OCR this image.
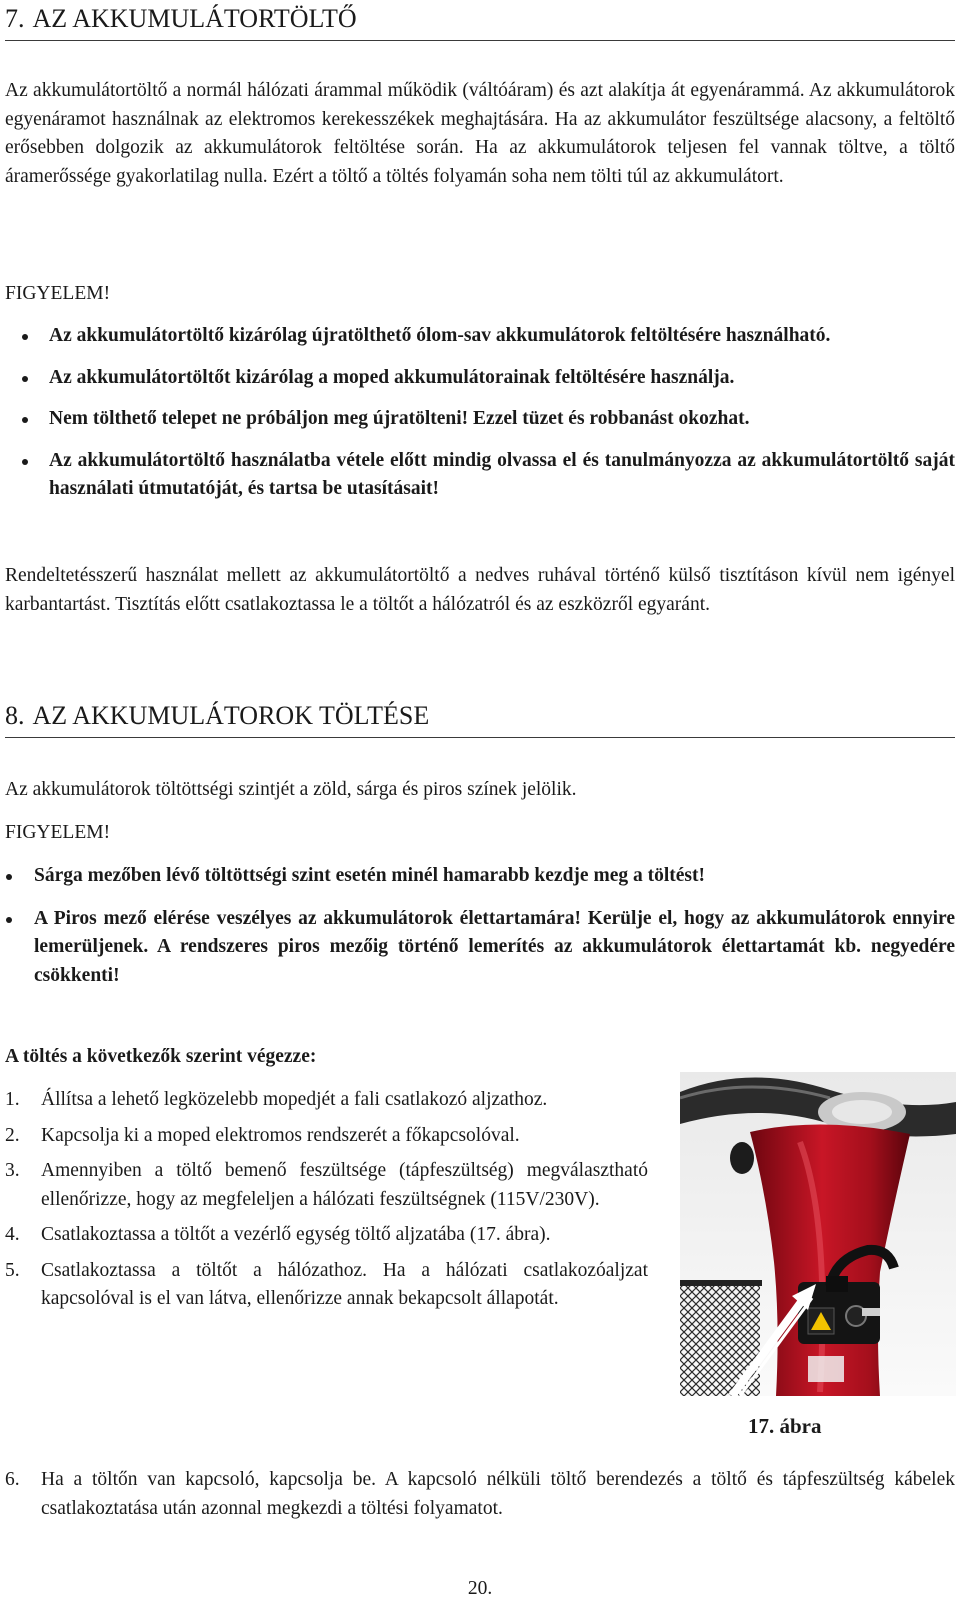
7. AZ AKKUMULÁTORTÖLTŐ

Az akkumulátortöltő a normál hálózati árammal működik (váltóáram) és azt alakítja át egyenárammá. Az akkumulátorok egyenáramot használnak az elektromos kerekesszékek meghajtására. Ha az akkumulátor feszültsége alacsony, a feltöltő erősebben dolgozik az akkumulátorok feltöltése során. Ha az akkumulátorok teljesen fel vannak töltve, a töltő áramerőssége gyakorlatilag nulla. Ezért a töltő a töltés folyamán soha nem tölti túl az akkumulátort.

FIGYELEM!

Az akkumulátortöltő kizárólag újratölthető ólom-sav akkumulátorok feltöltésére használható.
Az akkumulátortöltőt kizárólag a moped akkumulátorainak feltöltésére használja.
Nem tölthető telepet ne próbáljon meg újratölteni! Ezzel tüzet és robbanást okozhat.
Az akkumulátortöltő használatba vétele előtt mindig olvassa el és tanulmányozza az akkumulátortöltő saját használati útmutatóját, és tartsa be utasításait!

Rendeltetésszerű használat mellett az akkumulátortöltő a nedves ruhával történő külső tisztításon kívül nem igényel karbantartást. Tisztítás előtt csatlakoztassa le a töltőt a hálózatról és az eszközről egyaránt.

8. AZ AKKUMULÁTOROK TÖLTÉSE

Az akkumulátorok töltöttségi szintjét a zöld, sárga és piros színek jelölik.

FIGYELEM!

Sárga mezőben lévő töltöttségi szint esetén minél hamarabb kezdje meg a töltést!
A Piros mező elérése veszélyes az akkumulátorok élettartamára! Kerülje el, hogy az akkumulátorok ennyire lemerüljenek. A rendszeres piros mezőig történő lemerítés az akkumulátorok élettartamát kb. negyedére csökkenti!

A töltés a következők szerint végezze:

1. Állítsa a lehető legközelebb mopedjét a fali csatlakozó aljzathoz.
2. Kapcsolja ki a moped elektromos rendszerét a főkapcsolóval.
3. Amennyiben a töltő bemenő feszültsége (tápfeszültség) megválasztható ellenőrizze, hogy az megfeleljen a hálózati feszültségnek (115V/230V).
4. Csatlakoztassa a töltőt a vezérlő egység töltő aljzatába (17. ábra).
5. Csatlakoztassa a töltőt a hálózathoz. Ha a hálózati csatlakozóaljzat kapcsolóval is el van látva, ellenőrizze annak bekapcsolt állapotát.
6. Ha a töltőn van kapcsoló, kapcsolja be. A kapcsoló nélküli töltő berendezés a töltő és tápfeszültség kábelek csatlakoztatása után azonnal megkezdi a töltési folyamatot.
17. ábra
20.
